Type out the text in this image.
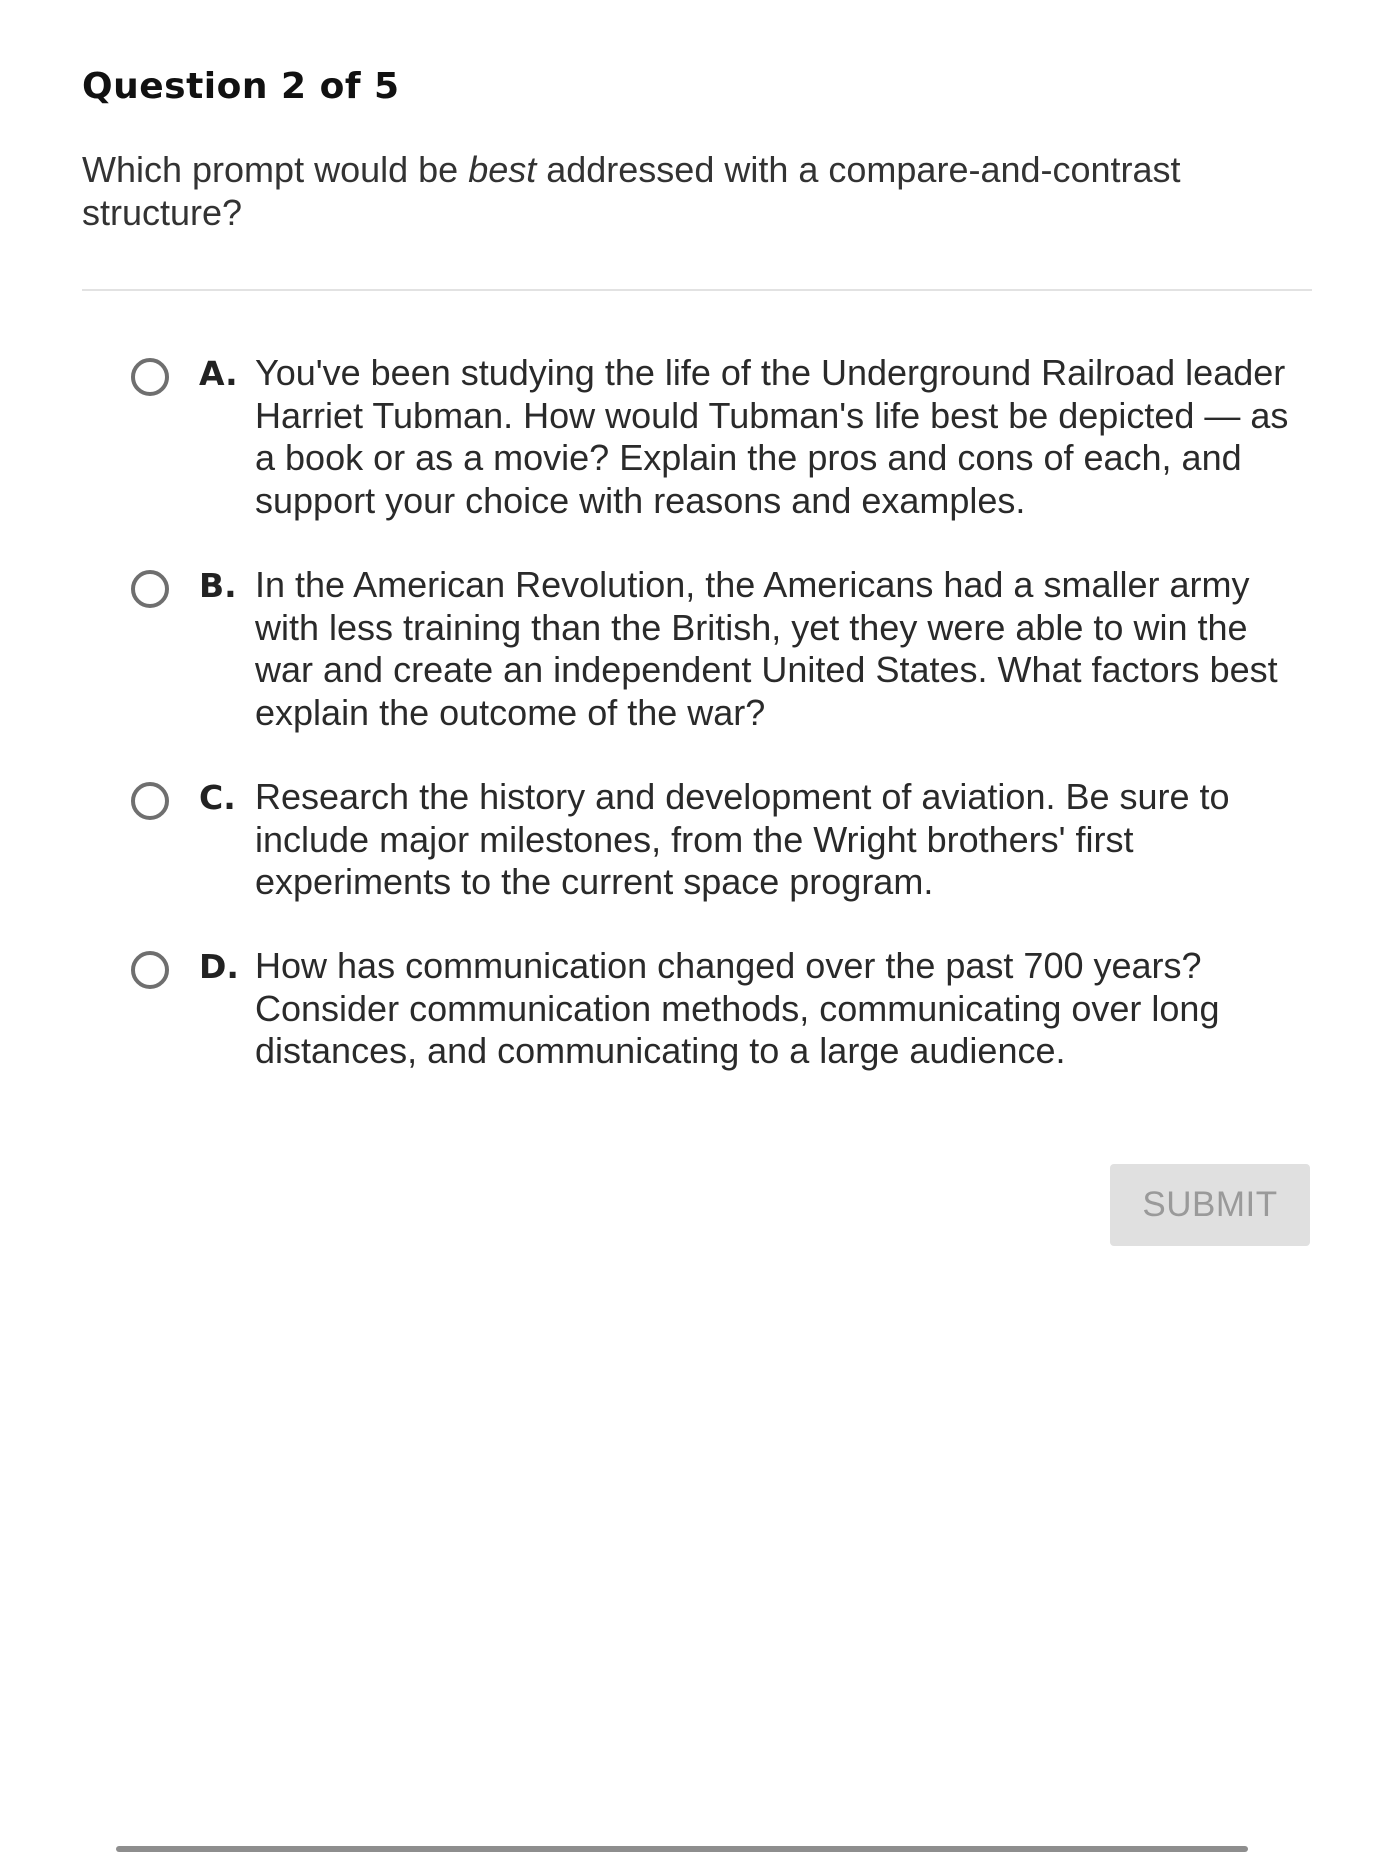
Question 2 of 5

Which prompt would be best addressed with a compare-and-contrast structure?

A. You've been studying the life of the Underground Railroad leader Harriet Tubman. How would Tubman's life best be depicted — as a book or as a movie? Explain the pros and cons of each, and support your choice with reasons and examples.
B. In the American Revolution, the Americans had a smaller army with less training than the British, yet they were able to win the war and create an independent United States. What factors best explain the outcome of the war?
C. Research the history and development of aviation. Be sure to include major milestones, from the Wright brothers' first experiments to the current space program.
D. How has communication changed over the past 700 years? Consider communication methods, communicating over long distances, and communicating to a large audience.
SUBMIT
